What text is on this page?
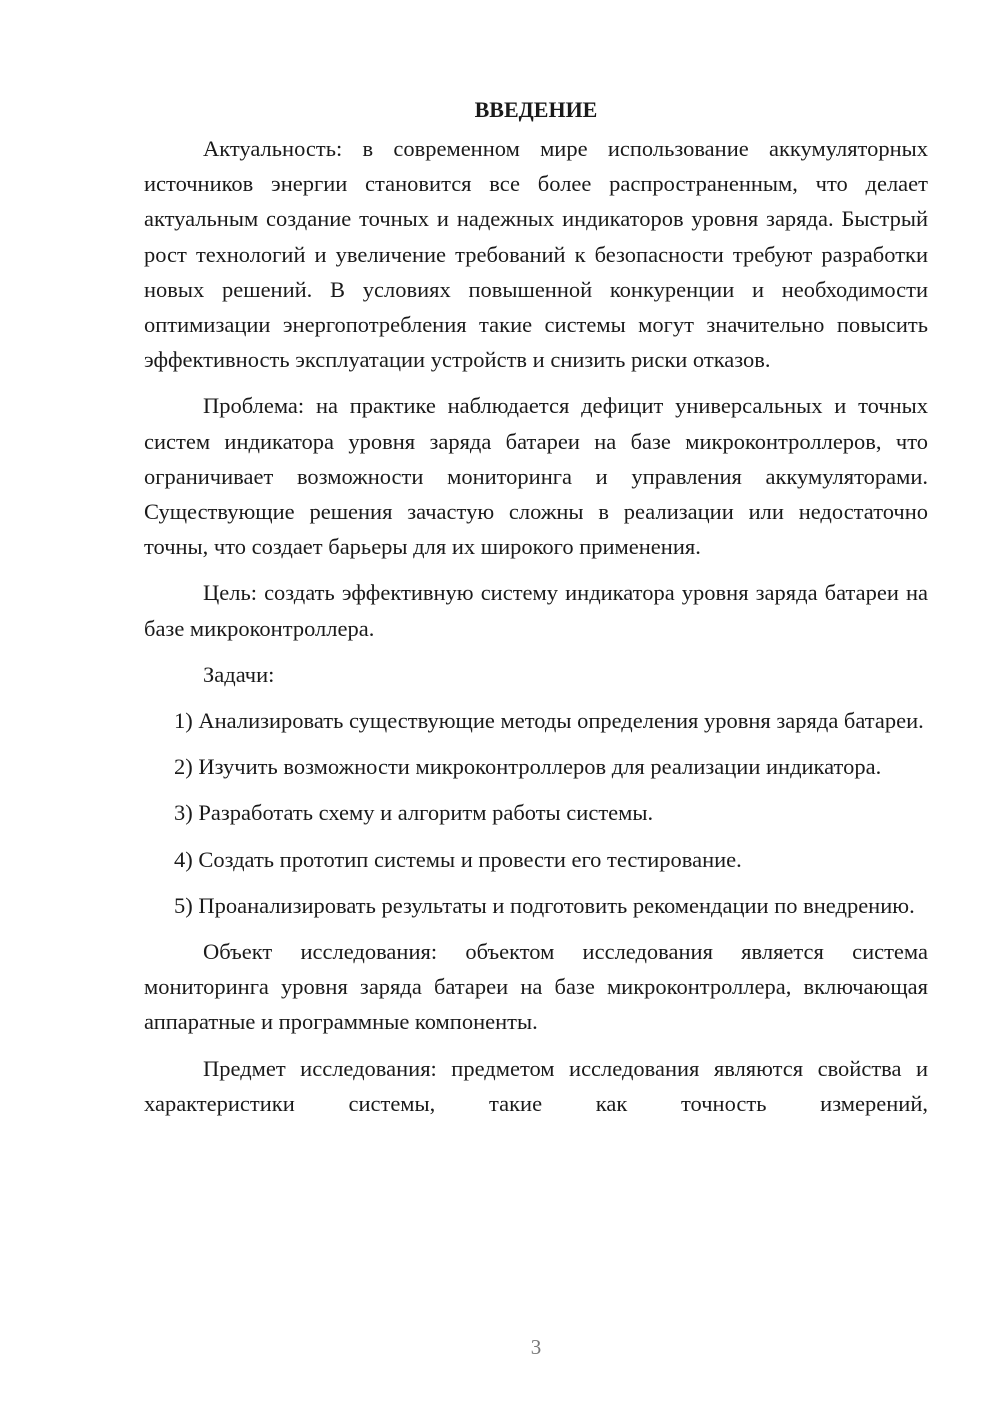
ВВЕДЕНИЕ

Актуальность: в современном мире использование аккумуляторных источников энергии становится все более распространенным, что делает актуальным создание точных и надежных индикаторов уровня заряда. Быстрый рост технологий и увеличение требований к безопасности требуют разработки новых решений. В условиях повышенной конкуренции и необходимости оптимизации энергопотребления такие системы могут значительно повысить эффективность эксплуатации устройств и снизить риски отказов.

Проблема: на практике наблюдается дефицит универсальных и точных систем индикатора уровня заряда батареи на базе микроконтроллеров, что ограничивает возможности мониторинга и управления аккумуляторами. Существующие решения зачастую сложны в реализации или недостаточно точны, что создает барьеры для их широкого применения.

Цель: создать эффективную систему индикатора уровня заряда батареи на базе микроконтроллера.

Задачи:

1) Анализировать существующие методы определения уровня заряда батареи.

2) Изучить возможности микроконтроллеров для реализации индикатора.

3) Разработать схему и алгоритм работы системы.

4) Создать прототип системы и провести его тестирование.

5) Проанализировать результаты и подготовить рекомендации по внедрению.

Объект исследования: объектом исследования является система мониторинга уровня заряда батареи на базе микроконтроллера, включающая аппаратные и программные компоненты.

Предмет исследования: предметом исследования являются свойства и характеристики системы, такие как точность измерений,

3
